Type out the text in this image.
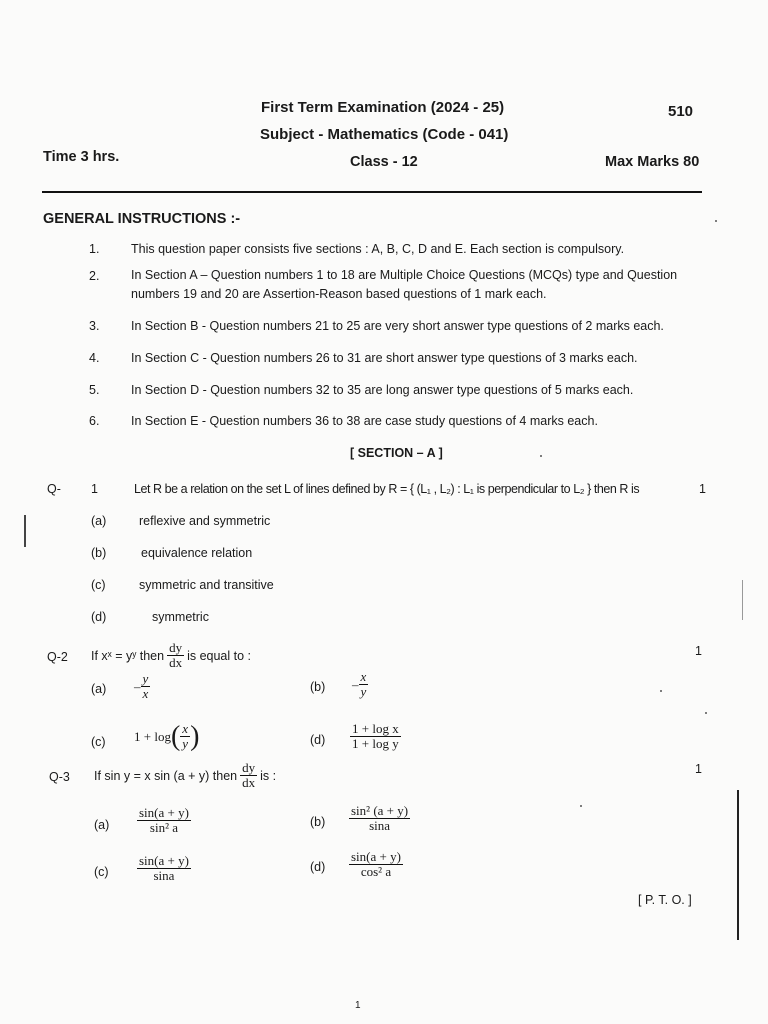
First Term Examination (2024 - 25)	510
Subject - Mathematics (Code - 041)
Time 3 hrs.	Class - 12	Max Marks 80
GENERAL INSTRUCTIONS :-
1.	This question paper consists five sections : A, B, C, D and E. Each section is compulsory.
2.	In Section A – Question numbers 1 to 18 are Multiple Choice Questions (MCQs) type and Question numbers 19 and 20 are Assertion-Reason based questions of 1 mark each.
3.	In Section B - Question numbers 21 to 25 are very short answer type questions of 2 marks each.
4.	In Section C - Question numbers 26 to 31 are short answer type questions of 3 marks each.
5.	In Section D - Question numbers 32 to 35 are long answer type questions of 5 marks each.
6.	In Section E - Question numbers 36 to 38 are case study questions of 4 marks each.
[ SECTION – A ]
Q- 1	Let R be a relation on the set L of lines defined by R = { (L₁ , L₂) : L₁ is perpendicular to L₂ } then R is	1
(a)	reflexive and symmetric
(b)	equivalence relation
(c)	symmetric and transitive
(d)	symmetric
Q-2 If xˣ = yʸ then $\frac{dy}{dx}$ is equal to :	1
$(a) - \frac{y}{x}$	$(b) - \frac{x}{y}$
(c) 1 + log ( $\frac{x}{y}$ )	$(d) \frac{\text{1 + log x}}{\text{1 + log y}}$
Q-3 If sin y = x sin (a + y) then $\frac{dy}{dx}$ is :	1
$(a) \frac{\sin(a + y)}{\text{sin² a}}$	$(b) \frac{\text{sin² (a + y)}}{\sin a}$
$(c) \frac{\sin(a + y)}{\sin a}$	$(d) \frac{\sin(a + y)}{\text{cos² a}}$
[ P. T. O. ]
1
